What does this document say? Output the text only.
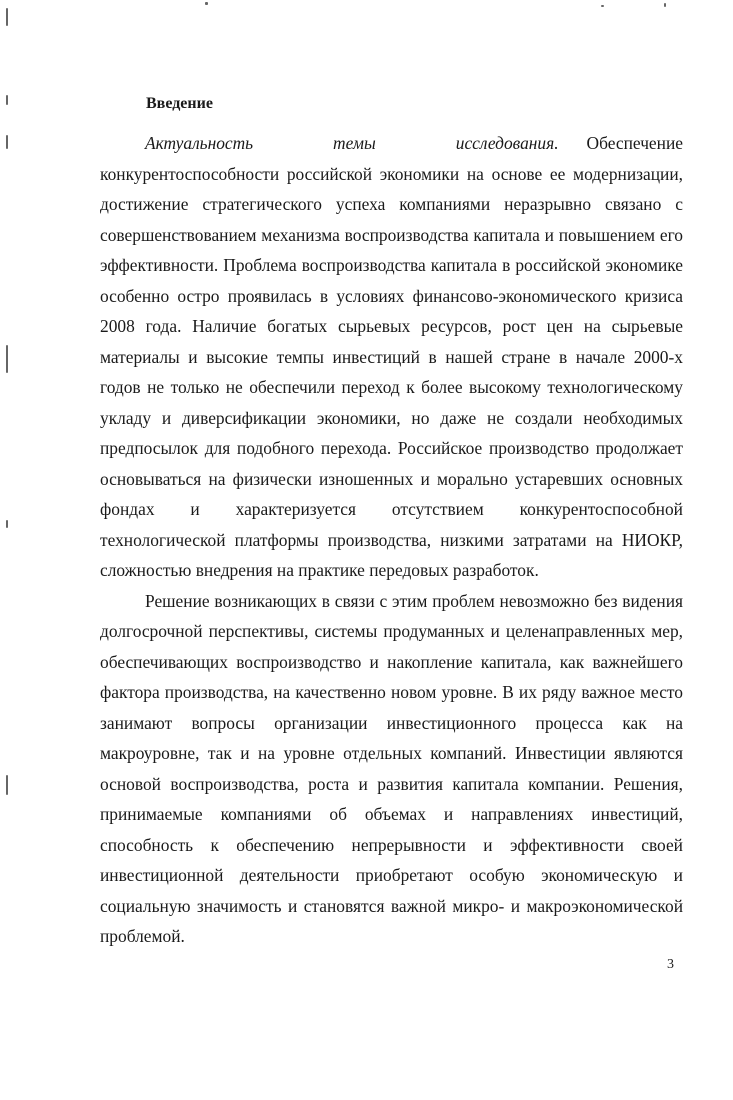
Введение

Актуальность темы исследования. Обеспечение конкурентоспособности российской экономики на основе ее модернизации, достижение стратегического успеха компаниями неразрывно связано с совершенствованием механизма воспроизводства капитала и повышением его эффективности. Проблема воспроизводства капитала в российской экономике особенно остро проявилась в условиях финансово-экономического кризиса 2008 года. Наличие богатых сырьевых ресурсов, рост цен на сырьевые материалы и высокие темпы инвестиций в нашей стране в начале 2000-х годов не только не обеспечили переход к более высокому технологическому укладу и диверсификации экономики, но даже не создали необходимых предпосылок для подобного перехода. Российское производство продолжает основываться на физически изношенных и морально устаревших основных фондах и характеризуется отсутствием конкурентоспособной технологической платформы производства, низкими затратами на НИОКР, сложностью внедрения на практике передовых разработок.

Решение возникающих в связи с этим проблем невозможно без видения долгосрочной перспективы, системы продуманных и целенаправленных мер, обеспечивающих воспроизводство и накопление капитала, как важнейшего фактора производства, на качественно новом уровне. В их ряду важное место занимают вопросы организации инвестиционного процесса как на макроуровне, так и на уровне отдельных компаний. Инвестиции являются основой воспроизводства, роста и развития капитала компании. Решения, принимаемые компаниями об объемах и направлениях инвестиций, способность к обеспечению непрерывности и эффективности своей инвестиционной деятельности приобретают особую экономическую и социальную значимость и становятся важной микро- и макроэкономической проблемой.

3
